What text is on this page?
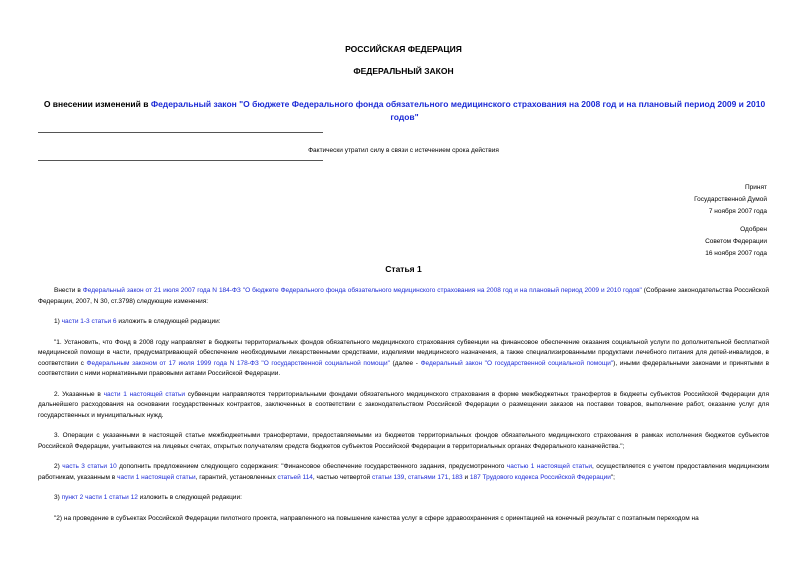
РОССИЙСКАЯ ФЕДЕРАЦИЯ
ФЕДЕРАЛЬНЫЙ ЗАКОН
О внесении изменений в Федеральный закон "О бюджете Федерального фонда обязательного медицинского страхования на 2008 год и на плановый период 2009 и 2010 годов"
Фактически утратил силу в связи с истечением срока действия
Принят
Государственной Думой
7 ноября 2007 года
Одобрен
Советом Федерации
16 ноября 2007 года
Статья 1

Внести в Федеральный закон от 21 июля 2007 года N 184-ФЗ "О бюджете Федерального фонда обязательного медицинского страхования на 2008 год и на плановый период 2009 и 2010 годов" (Собрание законодательства Российской Федерации, 2007, N 30, ст.3798) следующие изменения:

1) части 1-3 статьи 6 изложить в следующей редакции:

"1. Установить, что Фонд в 2008 году направляет в бюджеты территориальных фондов обязательного медицинского страхования субвенции на финансовое обеспечение оказания социальной услуги по дополнительной бесплатной медицинской помощи в части, предусматривающей обеспечение необходимыми лекарственными средствами, изделиями медицинского назначения, а также специализированными продуктами лечебного питания для детей-инвалидов, в соответствии с Федеральным законом от 17 июля 1999 года N 178-ФЗ "О государственной социальной помощи" (далее - Федеральный закон "О государственной социальной помощи"), иными федеральными законами и принятыми в соответствии с ними нормативными правовыми актами Российской Федерации.

2. Указанные в части 1 настоящей статьи субвенции направляются территориальными фондами обязательного медицинского страхования в форме межбюджетных трансфертов в бюджеты субъектов Российской Федерации для дальнейшего расходования на основании государственных контрактов, заключенных в соответствии с законодательством Российской Федерации о размещении заказов на поставки товаров, выполнение работ, оказание услуг для государственных и муниципальных нужд.

3. Операции с указанными в настоящей статье межбюджетными трансфертами, предоставляемыми из бюджетов территориальных фондов обязательного медицинского страхования в рамках исполнения бюджетов субъектов Российской Федерации, учитываются на лицевых счетах, открытых получателям средств бюджетов субъектов Российской Федерации в территориальных органах Федерального казначейства.";

2) часть 3 статьи 10 дополнить предложением следующего содержания: "Финансовое обеспечение государственного задания, предусмотренного частью 1 настоящей статьи, осуществляется с учетом предоставления медицинским работникам, указанным в части 1 настоящей статьи, гарантий, установленных статьей 114, частью четвертой статьи 139, статьями 171, 183 и 187 Трудового кодекса Российской Федерации";

3) пункт 2 части 1 статьи 12 изложить в следующей редакции:

"2) на проведение в субъектах Российской Федерации пилотного проекта, направленного на повышение качества услуг в сфере здравоохранения с ориентацией на конечный результат с поэтапным переходом на
